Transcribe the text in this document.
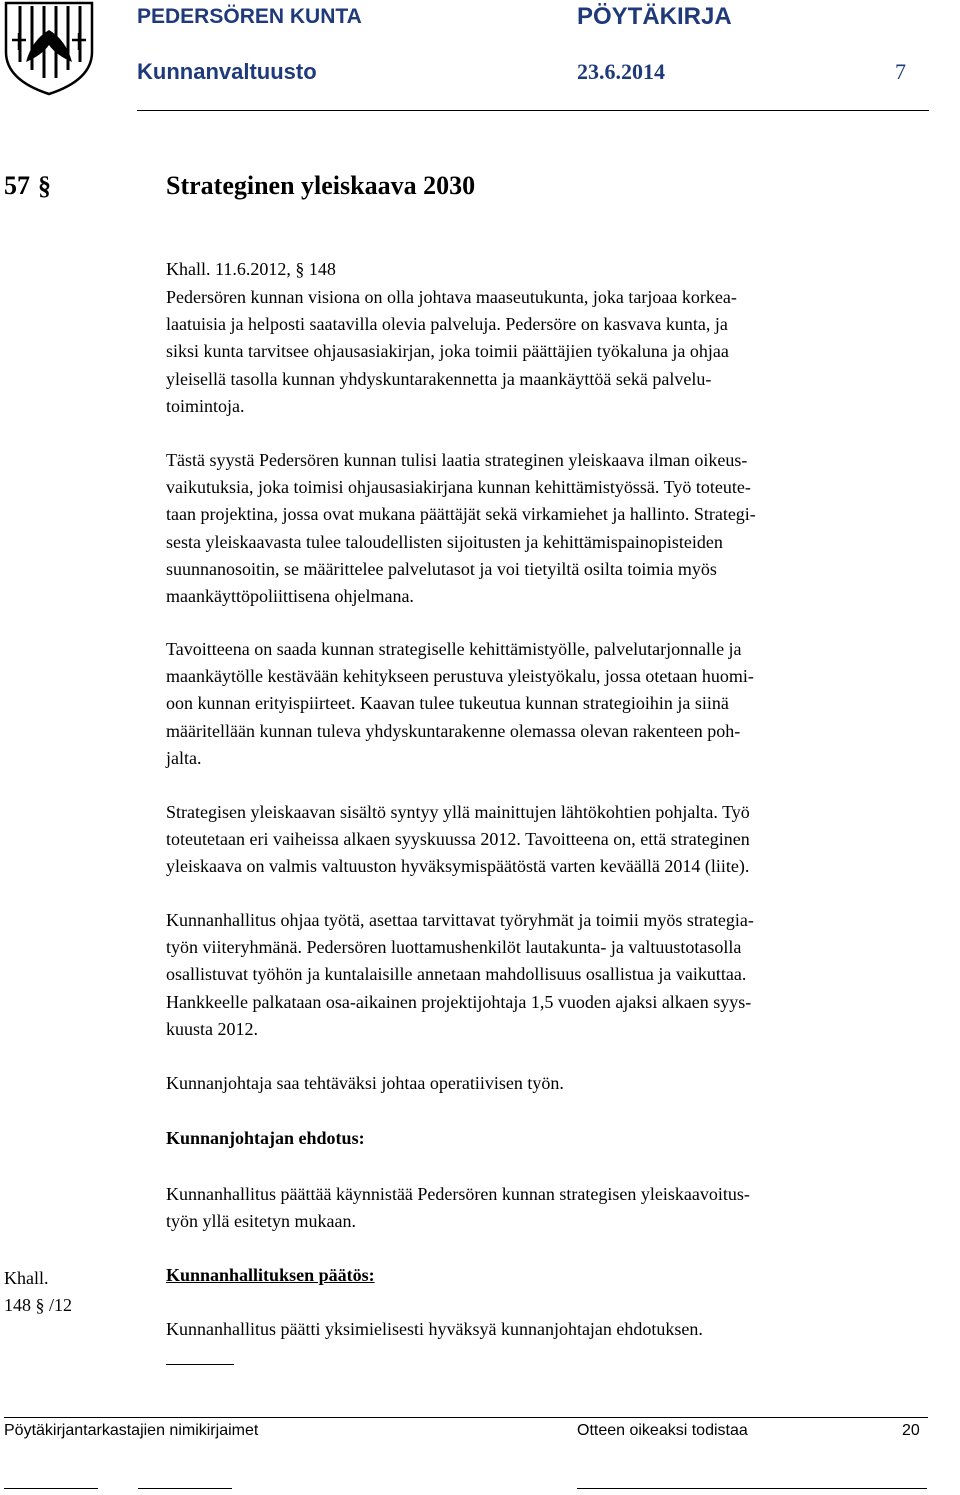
PEDERSÖREN KUNTA	PÖYTÄKIRJA
Kunnanvaltuusto	23.6.2014	7
57 §	Strateginen yleiskaava 2030
Khall. 11.6.2012, § 148
Pedersören kunnan visiona on olla johtava maaseutukunta, joka tarjoaa korkea-
laatuisia ja helposti saatavilla olevia palveluja. Pedersöre on kasvava kunta, ja
siksi kunta tarvitsee ohjausasiakirjan, joka toimii päättäjien työkaluna ja ohjaa
yleisellä tasolla kunnan yhdyskuntarakennetta ja maankäyttöä sekä palvelu-
toimintoja.
Tästä syystä Pedersören kunnan tulisi laatia strateginen yleiskaava ilman oikeus-
vaikutuksia, joka toimisi ohjausasiakirjana kunnan kehittämistyössä. Työ toteute-
taan projektina, jossa ovat mukana päättäjät sekä virkamiehet ja hallinto. Strategi-
sesta yleiskaavasta tulee taloudellisten sijoitusten ja kehittämispainopisteiden
suunnanosoitin, se määrittelee palvelutasot ja voi tietyiltä osilta toimia myös
maankäyttöpoliittisena ohjelmana.
Tavoitteena on saada kunnan strategiselle kehittämistyölle, palvelutarjonnalle ja
maankäytölle kestävään kehitykseen perustuva yleistyökalu, jossa otetaan huomi-
oon kunnan erityispiirteet. Kaavan tulee tukeutua kunnan strategioihin ja siinä
määritellään kunnan tuleva yhdyskuntarakenne olemassa olevan rakenteen poh-
jalta.
Strategisen yleiskaavan sisältö syntyy yllä mainittujen lähtökohtien pohjalta. Työ
toteutetaan eri vaiheissa alkaen syyskuussa 2012. Tavoitteena on, että strateginen
yleiskaava on valmis valtuuston hyväksymispäätöstä varten keväällä 2014 (liite).
Kunnanhallitus ohjaa työtä, asettaa tarvittavat työryhmät ja toimii myös strategia-
työn viiteryhmänä. Pedersören luottamushenkilöt lautakunta- ja valtuustotasolla
osallistuvat työhön ja kuntalaisille annetaan mahdollisuus osallistua ja vaikuttaa.
Hankkeelle palkataan osa-aikainen projektijohtaja 1,5 vuoden ajaksi alkaen syys-
kuusta 2012.
Kunnanjohtaja saa tehtäväksi johtaa operatiivisen työn.
Kunnanjohtajan ehdotus:
Kunnanhallitus päättää käynnistää Pedersören kunnan strategisen yleiskaavoitus-
työn yllä esitetyn mukaan.
Khall.
148 § /12
Kunnanhallituksen päätös:
Kunnanhallitus päätti yksimielisesti hyväksyä kunnanjohtajan ehdotuksen.
Pöytäkirjantarkastajien nimikirjaimet	Otteen oikeaksi todistaa	20
